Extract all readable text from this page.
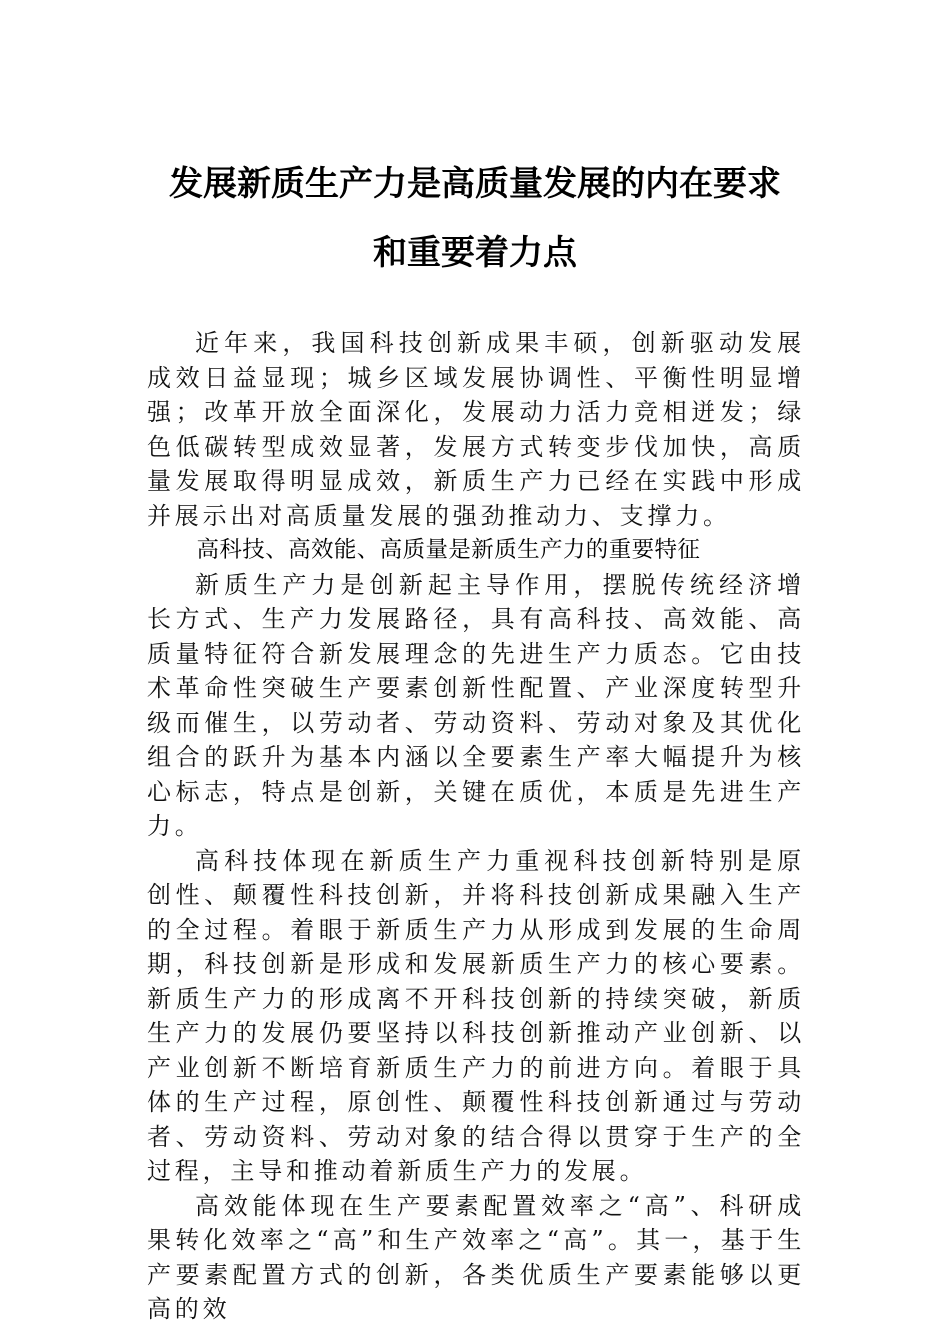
发展新质生产力是高质量发展的内在要求
和重要着力点

近年来，我国科技创新成果丰硕，创新驱动发展成效日益显现；城乡区域发展协调性、平衡性明显增强；改革开放全面深化，发展动力活力竞相迸发；绿色低碳转型成效显著，发展方式转变步伐加快，高质量发展取得明显成效，新质生产力已经在实践中形成并展示出对高质量发展的强劲推动力、支撑力。

高科技、高效能、高质量是新质生产力的重要特征

新质生产力是创新起主导作用，摆脱传统经济增长方式、生产力发展路径，具有高科技、高效能、高质量特征符合新发展理念的先进生产力质态。它由技术革命性突破生产要素创新性配置、产业深度转型升级而催生，以劳动者、劳动资料、劳动对象及其优化组合的跃升为基本内涵以全要素生产率大幅提升为核心标志，特点是创新，关键在质优，本质是先进生产力。

高科技体现在新质生产力重视科技创新特别是原创性、颠覆性科技创新，并将科技创新成果融入生产的全过程。着眼于新质生产力从形成到发展的生命周期，科技创新是形成和发展新质生产力的核心要素。新质生产力的形成离不开科技创新的持续突破，新质生产力的发展仍要坚持以科技创新推动产业创新、以产业创新不断培育新质生产力的前进方向。着眼于具体的生产过程，原创性、颠覆性科技创新通过与劳动者、劳动资料、劳动对象的结合得以贯穿于生产的全过程，主导和推动着新质生产力的发展。

高效能体现在生产要素配置效率之“高”、科研成果转化效率之“高”和生产效率之“高”。其一，基于生产要素配置方式的创新，各类优质生产要素能够以更高的效
